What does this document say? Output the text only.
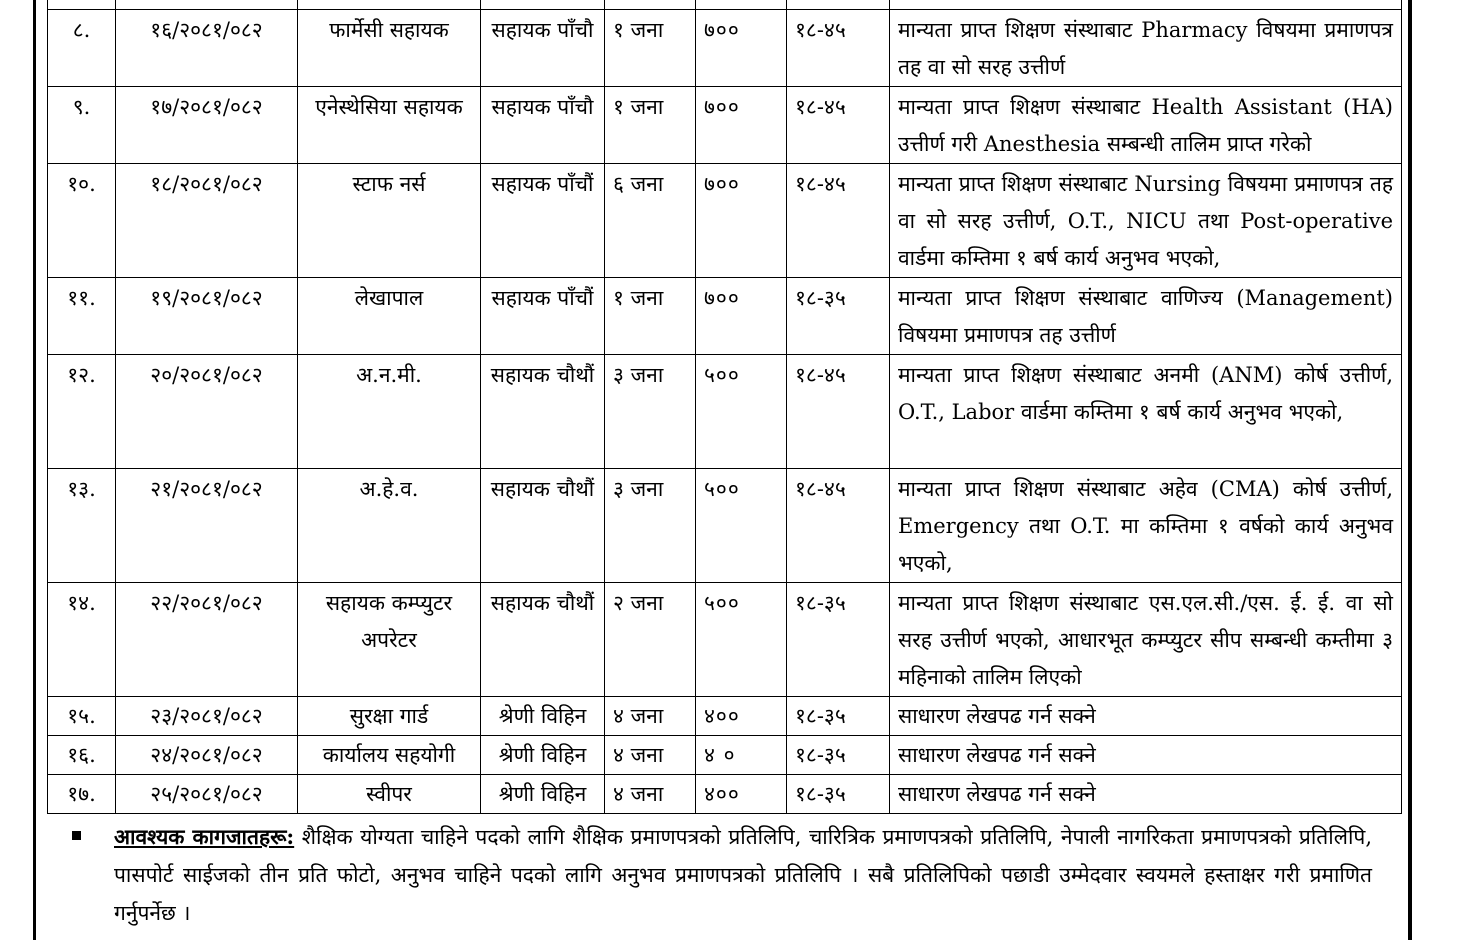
८.	१६/२०८१/०८२	फार्मेसी सहायक	सहायक पाँचौ	१ जना	७००	१८-४५	मान्यता प्राप्त शिक्षण संस्थाबाट Pharmacy विषयमा प्रमाणपत्र तह वा सो सरह उत्तीर्ण
९.	१७/२०८१/०८२	एनेस्थेसिया सहायक	सहायक पाँचौ	१ जना	७००	१८-४५	मान्यता प्राप्त शिक्षण संस्थाबाट Health Assistant (HA) उत्तीर्ण गरी Anesthesia सम्बन्धी तालिम प्राप्त गरेको
१०.	१८/२०८१/०८२	स्टाफ नर्स	सहायक पाँचौं	६ जना	७००	१८-४५	मान्यता प्राप्त शिक्षण संस्थाबाट Nursing विषयमा प्रमाणपत्र तह वा सो सरह उत्तीर्ण, O.T., NICU तथा Post-operative वार्डमा कम्तिमा १ बर्ष कार्य अनुभव भएको,
११.	१९/२०८१/०८२	लेखापाल	सहायक पाँचौं	१ जना	७००	१८-३५	मान्यता प्राप्त शिक्षण संस्थाबाट वाणिज्य (Management) विषयमा प्रमाणपत्र तह उत्तीर्ण
१२.	२०/२०८१/०८२	अ.न.मी.	सहायक चौथौं	३ जना	५००	१८-४५	मान्यता प्राप्त शिक्षण संस्थाबाट अनमी (ANM) कोर्ष उत्तीर्ण, O.T., Labor वार्डमा कम्तिमा १ बर्ष कार्य अनुभव भएको,
१३.	२१/२०८१/०८२	अ.हे.व.	सहायक चौथौं	३ जना	५००	१८-४५	मान्यता प्राप्त शिक्षण संस्थाबाट अहेव (CMA) कोर्ष उत्तीर्ण, Emergency तथा O.T. मा कम्तिमा १ वर्षको कार्य अनुभव भएको,
१४.	२२/२०८१/०८२	सहायक कम्प्युटर अपरेटर	सहायक चौथौं	२ जना	५००	१८-३५	मान्यता प्राप्त शिक्षण संस्थाबाट एस.एल.सी./एस. ई. ई. वा सो सरह उत्तीर्ण भएको, आधारभूत कम्प्युटर सीप सम्बन्धी कम्तीमा ३ महिनाको तालिम लिएको
१५.	२३/२०८१/०८२	सुरक्षा गार्ड	श्रेणी विहिन	४ जना	४००	१८-३५	साधारण लेखपढ गर्न सक्ने
१६.	२४/२०८१/०८२	कार्यालय सहयोगी	श्रेणी विहिन	४ जना	४ ०	१८-३५	साधारण लेखपढ गर्न सक्ने
१७.	२५/२०८१/०८२	स्वीपर	श्रेणी विहिन	४ जना	४००	१८-३५	साधारण लेखपढ गर्न सक्ने
आवश्यक कागजातहरू: शैक्षिक योग्यता चाहिने पदको लागि शैक्षिक प्रमाणपत्रको प्रतिलिपि, चारित्रिक प्रमाणपत्रको प्रतिलिपि, नेपाली नागरिकता प्रमाणपत्रको प्रतिलिपि, पासपोर्ट साईजको तीन प्रति फोटो, अनुभव चाहिने पदको लागि अनुभव प्रमाणपत्रको प्रतिलिपि । सबै प्रतिलिपिको पछाडी उम्मेदवार स्वयमले हस्ताक्षर गरी प्रमाणित गर्नुपर्नेछ ।
